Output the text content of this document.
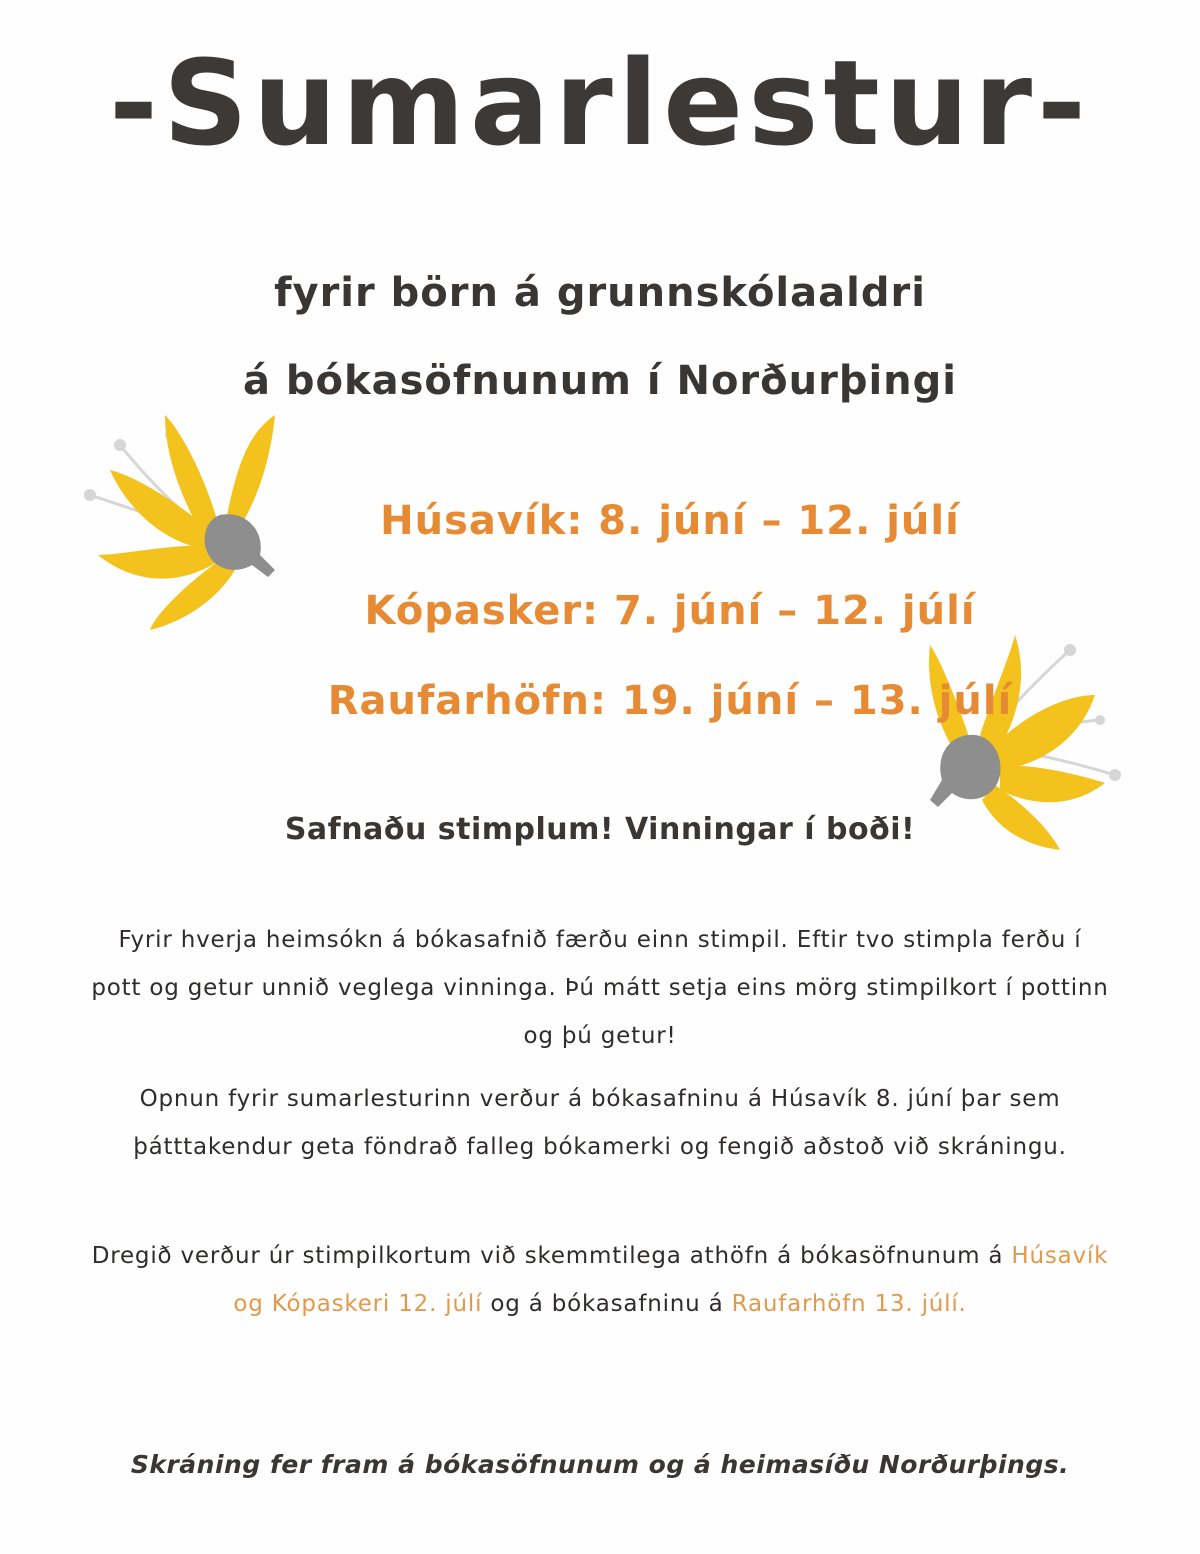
-Sumarlestur-
fyrir börn á grunnskólaaldri
á bókasöfnunum í Norðurþingi
Húsavík: 8. júní – 12. júlí
Kópasker: 7. júní – 12. júlí
Raufarhöfn: 19. júní – 13. júlí
Safnaðu stimplum! Vinningar í boði!
Fyrir hverja heimsókn á bókasafnið færðu einn stimpil. Eftir tvo stimpla ferðu í pott og getur unnið veglega vinninga. Þú mátt setja eins mörg stimpilkort í pottinn og þú getur!
Opnun fyrir sumarlesturinn verður á bókasafninu á Húsavík 8. júní þar sem þátttakendur geta föndrað falleg bókamerki og fengið aðstoð við skráningu.
Dregið verður úr stimpilkortum við skemmtilega athöfn á bókasöfnunum á Húsavík og Kópaskeri 12. júlí og á bókasafninu á Raufarhöfn 13. júlí.
Skráning fer fram á bókasöfnunum og á heimasíðu Norðurþings.
